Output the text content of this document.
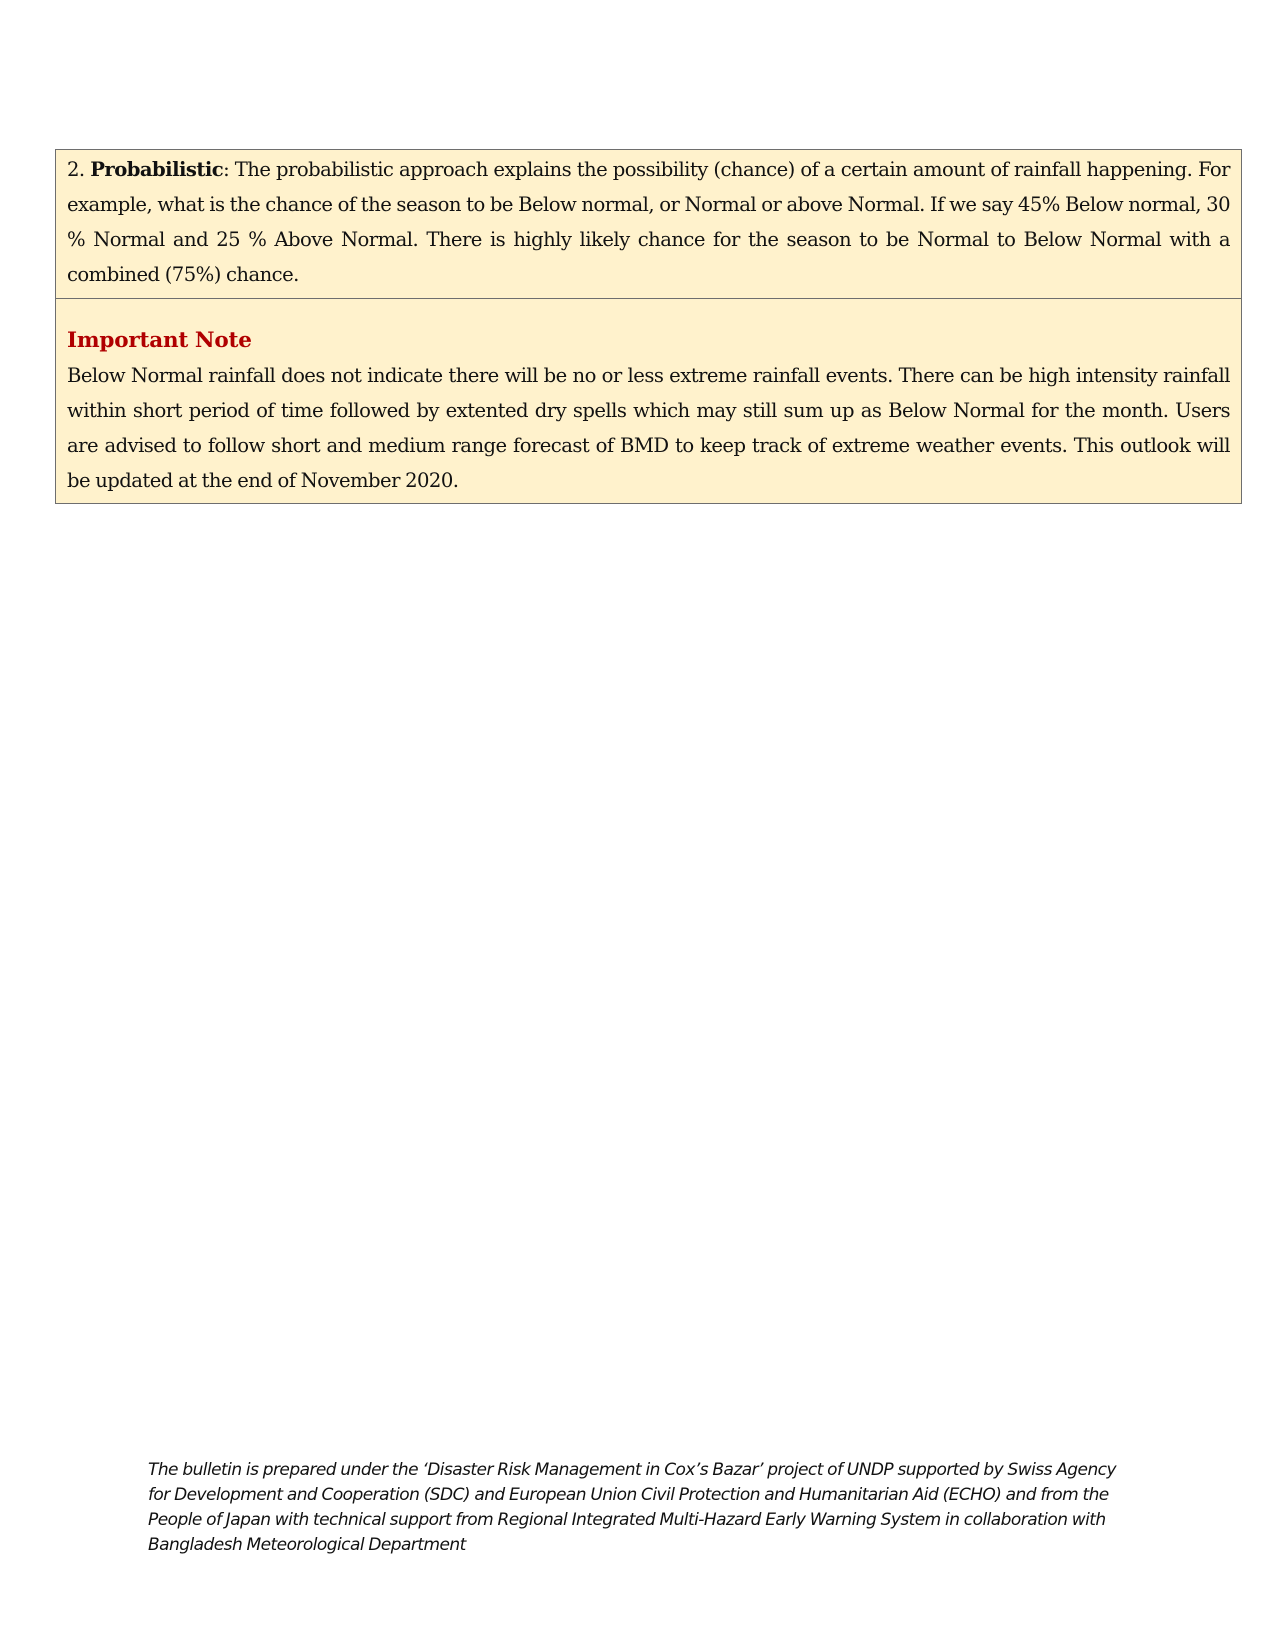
2. Probabilistic: The probabilistic approach explains the possibility (chance) of a certain amount of rainfall happening. For example, what is the chance of the season to be Below normal, or Normal or above Normal. If we say 45% Below normal, 30 % Normal and 25 % Above Normal. There is highly likely chance for the season to be Normal to Below Normal with a combined (75%) chance.
Important Note
Below Normal rainfall does not indicate there will be no or less extreme rainfall events. There can be high intensity rainfall within short period of time followed by extented dry spells which may still sum up as Below Normal for the month. Users are advised to follow short and medium range forecast of BMD to keep track of extreme weather events. This outlook will be updated at the end of November 2020.
The bulletin is prepared under the ‘Disaster Risk Management in Cox’s Bazar’ project of UNDP supported by Swiss Agency for Development and Cooperation (SDC) and European Union Civil Protection and Humanitarian Aid (ECHO) and from the People of Japan with technical support from Regional Integrated Multi-Hazard Early Warning System in collaboration with Bangladesh Meteorological Department
